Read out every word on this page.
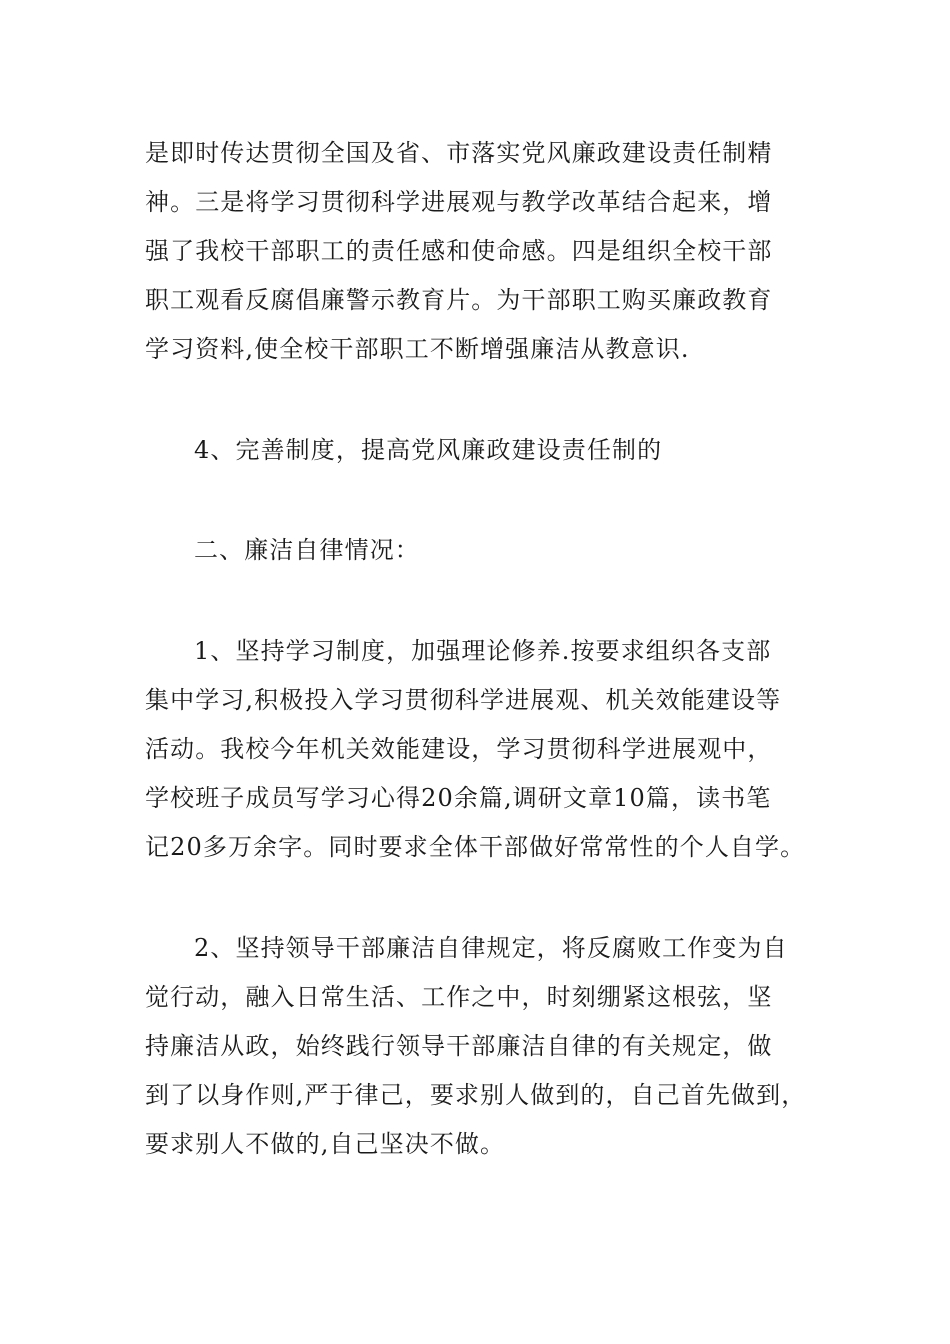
是即时传达贯彻全国及省、市落实党风廉政建设责任制精
神。三是将学习贯彻科学进展观与教学改革结合起来，增
强了我校干部职工的责任感和使命感。四是组织全校干部
职工观看反腐倡廉警示教育片。为干部职工购买廉政教育
学习资料,使全校干部职工不断增强廉洁从教意识.
4、完善制度，提高党风廉政建设责任制的
二、廉洁自律情况：
1、坚持学习制度，加强理论修养.按要求组织各支部
集中学习,积极投入学习贯彻科学进展观、机关效能建设等
活动。我校今年机关效能建设，学习贯彻科学进展观中，
学校班子成员写学习心得20余篇,调研文章10篇，读书笔
记20多万余字。同时要求全体干部做好常常性的个人自学。
2、坚持领导干部廉洁自律规定，将反腐败工作变为自
觉行动，融入日常生活、工作之中，时刻绷紧这根弦，坚
持廉洁从政，始终践行领导干部廉洁自律的有关规定，做
到了以身作则,严于律己，要求别人做到的，自己首先做到，
要求别人不做的,自己坚决不做。
